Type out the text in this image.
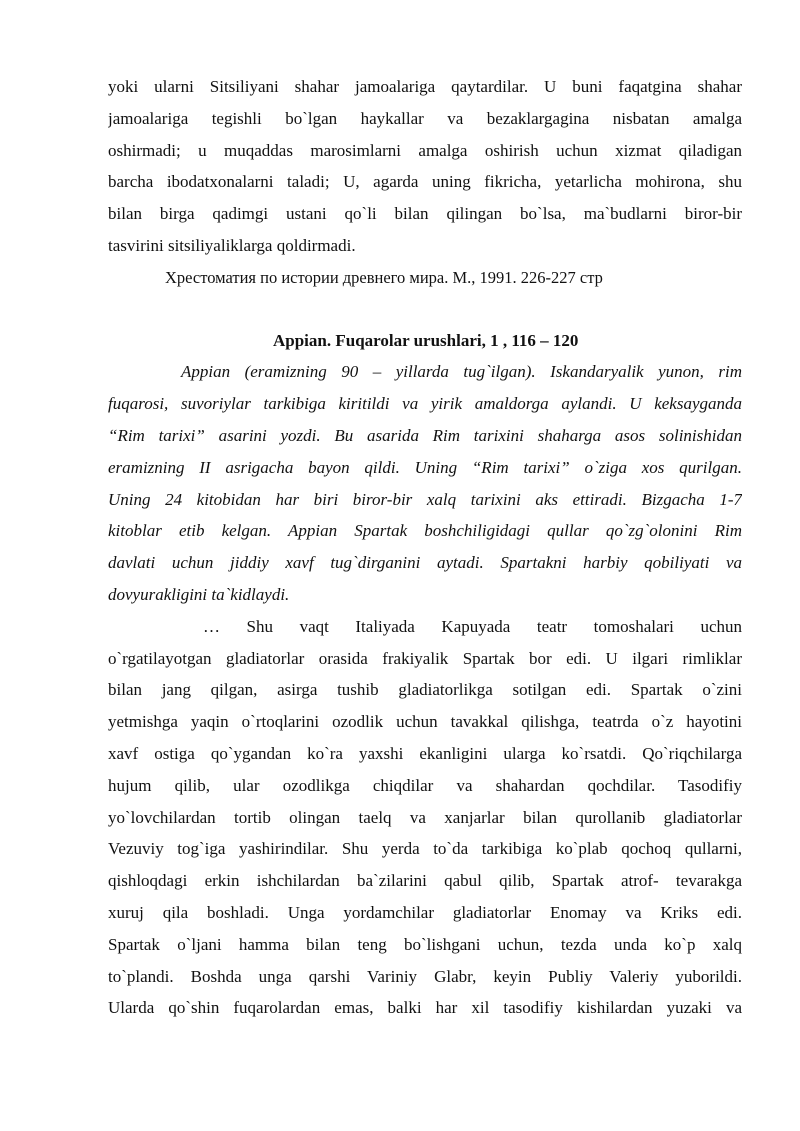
yoki ularni Sitsiliyani shahar jamoalariga qaytardilar. U buni faqatgina shahar
jamoalariga tegishli bo`lgan haykallar va bezaklargagina nisbatan amalga
oshirmadi; u muqaddas marosimlarni amalga oshirish uchun xizmat qiladigan
barcha ibodatxonalarni taladi; U, agarda uning fikricha, yetarlicha mohirona, shu
bilan birga qadimgi ustani qo`li bilan qilingan bo`lsa, ma`budlarni biror-bir
tasvirini sitsiliyaliklarga qoldirmadi.
Хрестоматия по истории древнего мира. М., 1991. 226-227 стр
Appian. Fuqarolar urushlari, 1 , 116 – 120
Appian (eramizning 90 – yillarda tug`ilgan). Iskandaryalik yunon, rim
fuqarosi, suvoriylar tarkibiga kiritildi va yirik amaldorga aylandi. U keksayganda
“Rim tarixi” asarini yozdi. Bu asarida Rim tarixini shaharga asos solinishidan
eramizning II asrigacha bayon qildi. Uning “Rim tarixi” o`ziga xos qurilgan.
Uning 24 kitobidan har biri biror-bir xalq tarixini aks ettiradi. Bizgacha 1-7
kitoblar etib kelgan. Appian Spartak boshchiligidagi qullar qo`zg`olonini Rim
davlati uchun jiddiy xavf tug`dirganini aytadi. Spartakni harbiy qobiliyati va
dovyurakligini ta`kidlaydi.
… Shu vaqt Italiyada Kapuyada teatr tomoshalari uchun
o`rgatilayotgan gladiatorlar orasida frakiyalik Spartak bor edi. U ilgari rimliklar
bilan jang qilgan, asirga tushib gladiatorlikga sotilgan edi. Spartak o`zini
yetmishga yaqin o`rtoqlarini ozodlik uchun tavakkal qilishga, teatrda o`z hayotini
xavf ostiga qo`ygandan ko`ra yaxshi ekanligini ularga ko`rsatdi. Qo`riqchilarga
hujum qilib, ular ozodlikga chiqdilar va shahardan qochdilar. Tasodifiy
yo`lovchilardan tortib olingan taelq va xanjarlar bilan qurollanib gladiatorlar
Vezuviy tog`iga yashirindilar. Shu yerda to`da tarkibiga ko`plab qochoq qullarni,
qishloqdagi erkin ishchilardan ba`zilarini qabul qilib, Spartak atrof- tevarakga
xuruj qila boshladi. Unga yordamchilar gladiatorlar Enomay va Kriks edi.
Spartak o`ljani hamma bilan teng bo`lishgani uchun, tezda unda ko`p xalq
to`plandi. Boshda unga qarshi Variniy Glabr, keyin Publiy Valeriy yuborildi.
Ularda qo`shin fuqarolardan emas, balki har xil tasodifiy kishilardan yuzaki va
